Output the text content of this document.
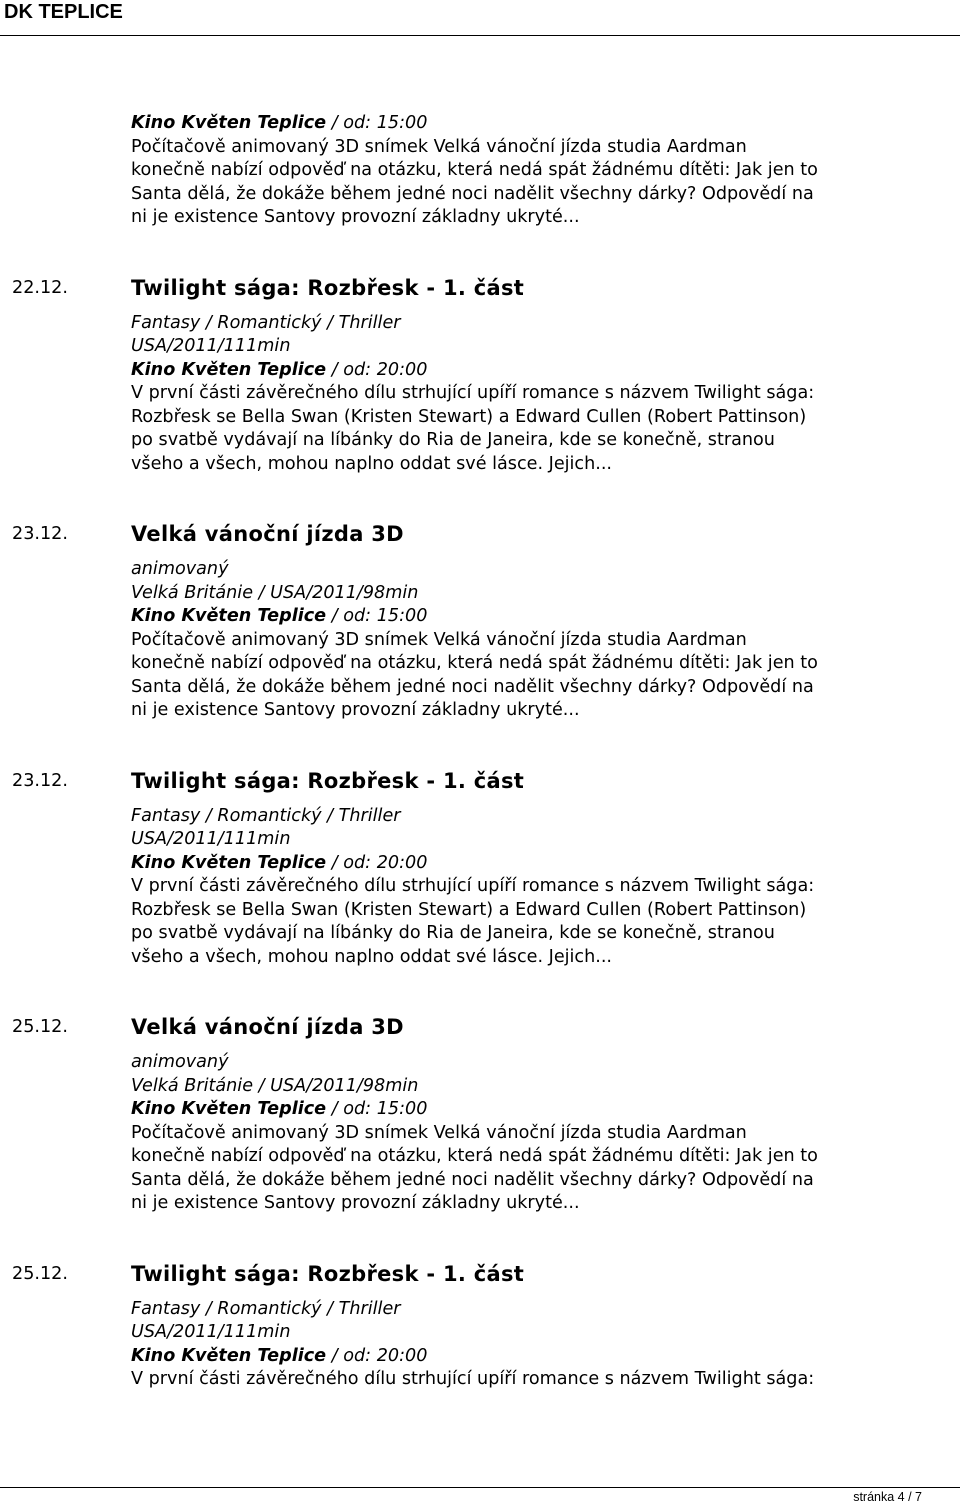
DK TEPLICE
Kino Květen Teplice / od: 15:00
Počítačově animovaný 3D snímek Velká vánoční jízda studia Aardman
konečně nabízí odpověď na otázku, která nedá spát žádnému dítěti: Jak jen to
Santa dělá, že dokáže během jedné noci nadělit všechny dárky? Odpovědí na
ni je existence Santovy provozní základny ukryté...
22.12.	Twilight sága: Rozbřesk - 1. část
Fantasy / Romantický / Thriller
USA/2011/111min
Kino Květen Teplice / od: 20:00
V první části závěrečného dílu strhující upíří romance s názvem Twilight sága:
Rozbřesk se Bella Swan (Kristen Stewart) a Edward Cullen (Robert Pattinson)
po svatbě vydávají na líbánky do Ria de Janeira, kde se konečně, stranou
všeho a všech, mohou naplno oddat své lásce. Jejich...
23.12.	Velká vánoční jízda 3D
animovaný
Velká Británie / USA/2011/98min
Kino Květen Teplice / od: 15:00
Počítačově animovaný 3D snímek Velká vánoční jízda studia Aardman
konečně nabízí odpověď na otázku, která nedá spát žádnému dítěti: Jak jen to
Santa dělá, že dokáže během jedné noci nadělit všechny dárky? Odpovědí na
ni je existence Santovy provozní základny ukryté...
23.12.	Twilight sága: Rozbřesk - 1. část
Fantasy / Romantický / Thriller
USA/2011/111min
Kino Květen Teplice / od: 20:00
V první části závěrečného dílu strhující upíří romance s názvem Twilight sága:
Rozbřesk se Bella Swan (Kristen Stewart) a Edward Cullen (Robert Pattinson)
po svatbě vydávají na líbánky do Ria de Janeira, kde se konečně, stranou
všeho a všech, mohou naplno oddat své lásce. Jejich...
25.12.	Velká vánoční jízda 3D
animovaný
Velká Británie / USA/2011/98min
Kino Květen Teplice / od: 15:00
Počítačově animovaný 3D snímek Velká vánoční jízda studia Aardman
konečně nabízí odpověď na otázku, která nedá spát žádnému dítěti: Jak jen to
Santa dělá, že dokáže během jedné noci nadělit všechny dárky? Odpovědí na
ni je existence Santovy provozní základny ukryté...
25.12.	Twilight sága: Rozbřesk - 1. část
Fantasy / Romantický / Thriller
USA/2011/111min
Kino Květen Teplice / od: 20:00
V první části závěrečného dílu strhující upíří romance s názvem Twilight sága:
stránka 4 / 7
